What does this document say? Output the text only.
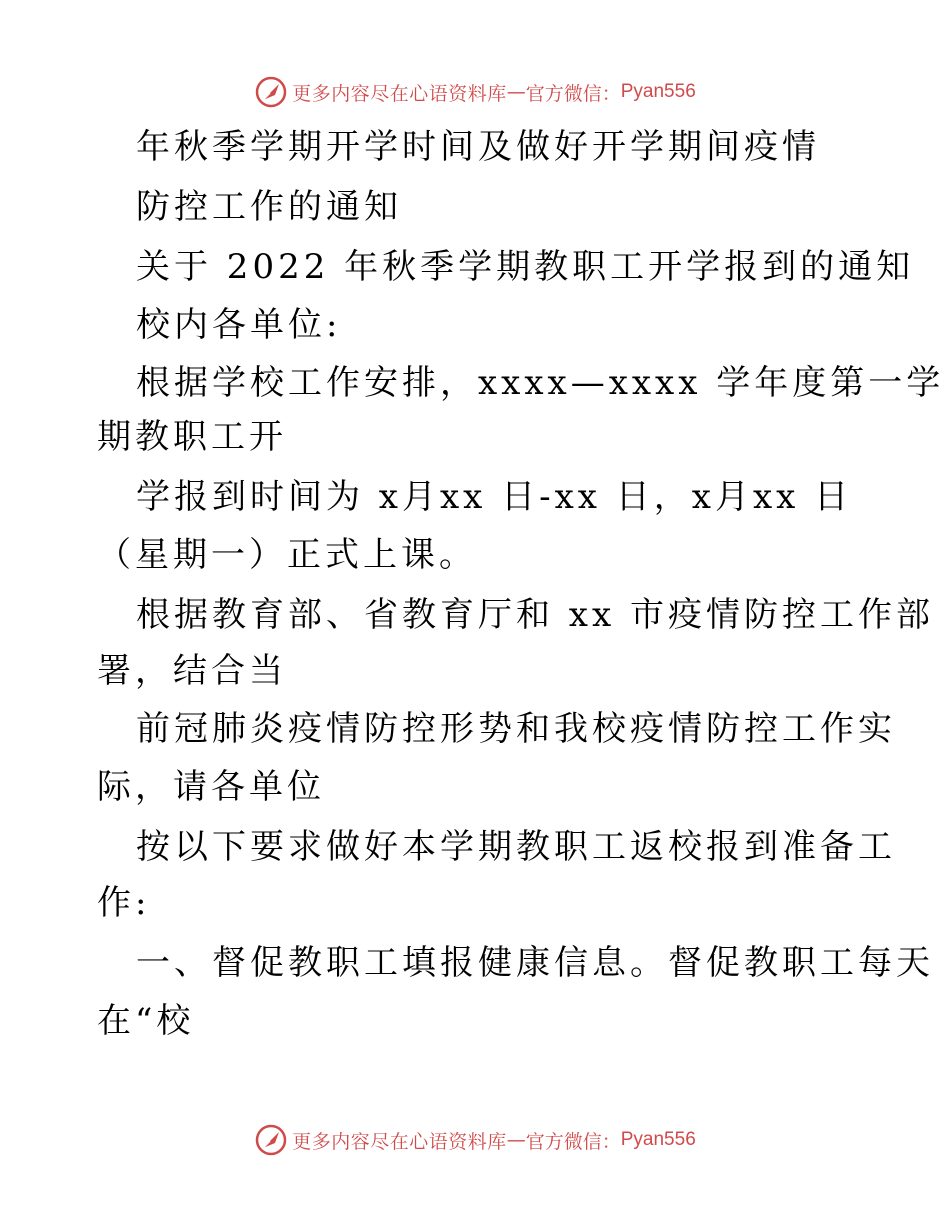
更多内容尽在心语资料库 — 官方微信： Pyan556
年秋季学期开学时间及做好开学期间疫情
防控工作的通知
关于 2022 年秋季学期教职工开学报到的通知
校内各单位:
根据学校工作安排，xxxx—xxxx 学年度第一学
期教职工开
学报到时间为 x月xx 日-xx 日，x月xx 日
（星期一）正式上课。
根据教育部、省教育厅和 xx 市疫情防控工作部
署，结合当
前冠肺炎疫情防控形势和我校疫情防控工作实
际，请各单位
按以下要求做好本学期教职工返校报到准备工
作:
一、督促教职工填报健康信息。督促教职工每天
在“校
更多内容尽在心语资料库 — 官方微信： Pyan556
